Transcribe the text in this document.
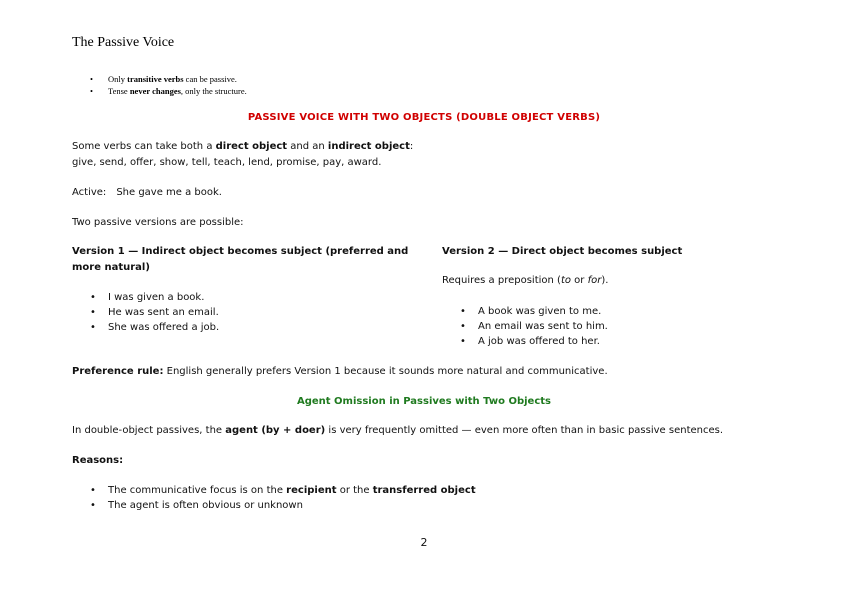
The Passive Voice
• Only transitive verbs can be passive.
• Tense never changes, only the structure.
PASSIVE VOICE WITH TWO OBJECTS (DOUBLE OBJECT VERBS)
Some verbs can take both a direct object and an indirect object:
give, send, offer, show, tell, teach, lend, promise, pay, award.
Active: She gave me a book.
Two passive versions are possible:
Version 1 — Indirect object becomes subject (preferred and more natural)
• I was given a book.
• He was sent an email.
• She was offered a job.
Version 2 — Direct object becomes subject
Requires a preposition (to or for).
• A book was given to me.
• An email was sent to him.
• A job was offered to her.
Preference rule: English generally prefers Version 1 because it sounds more natural and communicative.
Agent Omission in Passives with Two Objects
In double-object passives, the agent (by + doer) is very frequently omitted — even more often than in basic passive sentences.
Reasons:
• The communicative focus is on the recipient or the transferred object
• The agent is often obvious or unknown
2
